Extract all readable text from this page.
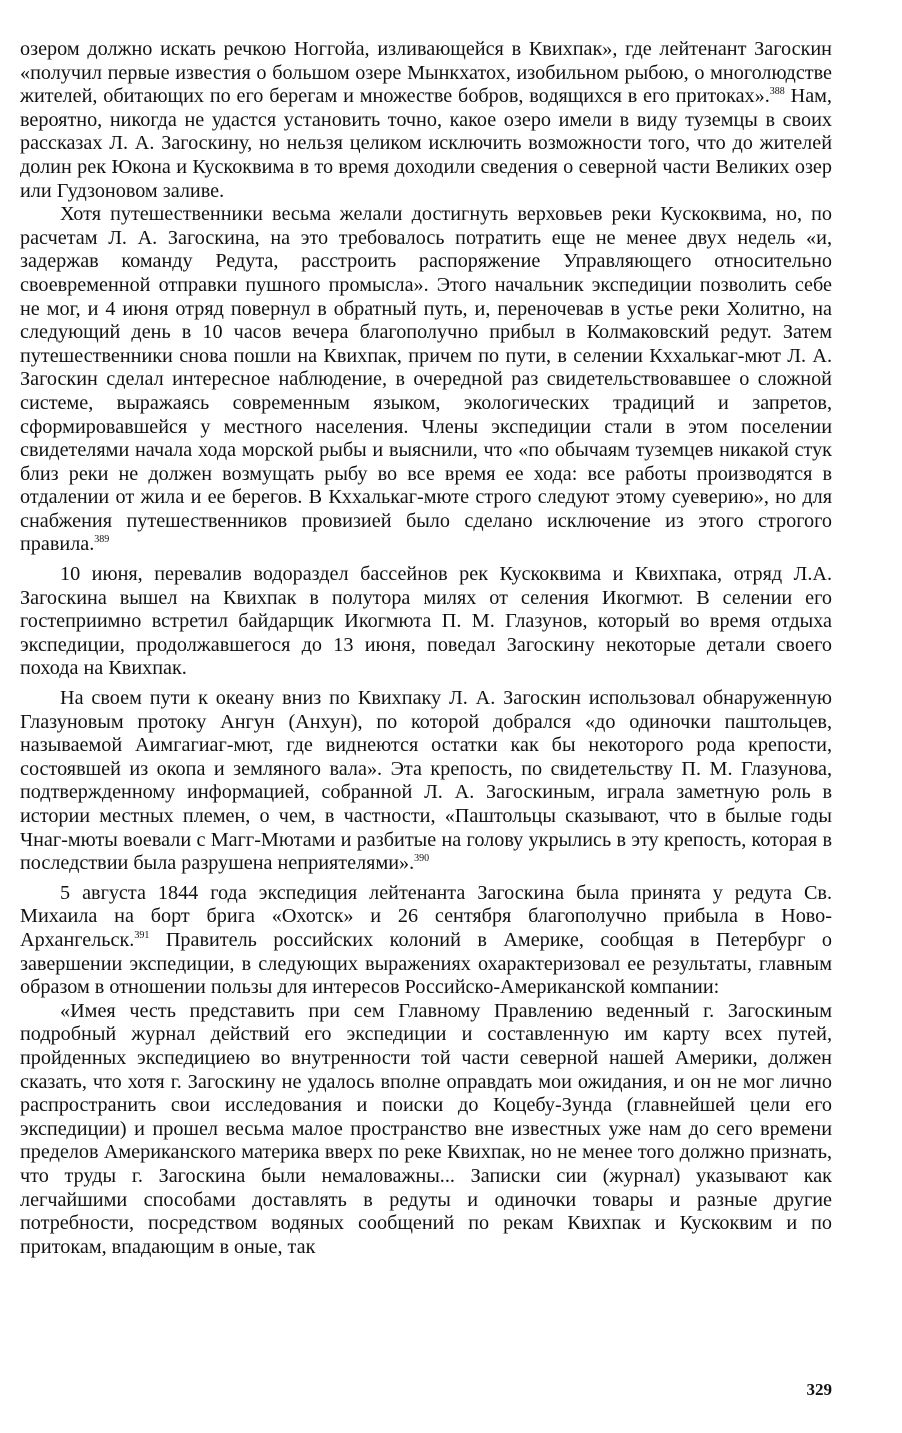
озером должно искать речкою Ноггойа, изливающейся в Квихпак», где лейтенант Загоскин «получил первые известия о большом озере Мынкхатох, изобильном рыбою, о многолюдстве жителей, обитающих по его берегам и множестве бобров, водящихся в его притоках».$^{388}$ Нам, вероятно, никогда не удастся установить точно, какое озеро имели в виду туземцы в своих рассказах Л. А. Загоскину, но нельзя целиком исключить возможности того, что до жителей долин рек Юкона и Кускоквима в то время доходили сведения о северной части Великих озер или Гудзоновом заливе.

Хотя путешественники весьма желали достигнуть верховьев реки Кускоквима, но, по расчетам Л. А. Загоскина, на это требовалось потратить еще не менее двух недель «и, задержав команду Редута, расстроить распоряжение Управляющего относительно своевременной отправки пушного промысла». Этого начальник экспедиции позволить себе не мог, и 4 июня отряд повернул в обратный путь, и, переночевав в устье реки Холитно, на следующий день в 10 часов вечера благополучно прибыл в Колмаковский редут. Затем путешественники снова пошли на Квихпак, причем по пути, в селении Кххалькаг-мют Л. А. Загоскин сделал интересное наблюдение, в очередной раз свидетельствовавшее о сложной системе, выражаясь современным языком, экологических традиций и запретов, сформировавшейся у местного населения. Члены экспедиции стали в этом поселении свидетелями начала хода морской рыбы и выяснили, что «по обычаям туземцев никакой стук близ реки не должен возмущать рыбу во все время ее хода: все работы производятся в отдалении от жила и ее берегов. В Кххалькаг-мюте строго следуют этому суеверию», но для снабжения путешественников провизией было сделано исключение из этого строгого правила.$^{389}$

10 июня, перевалив водораздел бассейнов рек Кускоквима и Квихпака, отряд Л.А. Загоскина вышел на Квихпак в полутора милях от селения Икогмют. В селении его гостеприимно встретил байдарщик Икогмюта П. М. Глазунов, который во время отдыха экспедиции, продолжавшегося до 13 июня, поведал Загоскину некоторые детали своего похода на Квихпак.

На своем пути к океану вниз по Квихпаку Л. А. Загоскин использовал обнаруженную Глазуновым протоку Ангун (Анхун), по которой добрался «до одиночки паштольцев, называемой Аимгагиаг-мют, где виднеются остатки как бы некоторого рода крепости, состоявшей из окопа и земляного вала». Эта крепость, по свидетельству П. М. Глазунова, подтвержденному информацией, собранной Л. А. Загоскиным, играла заметную роль в истории местных племен, о чем, в частности, «Паштольцы сказывают, что в былые годы Чнаг-мюты воевали с Магг-Мютами и разбитые на голову укрылись в эту крепость, которая в последствии была разрушена неприятелями».$^{390}$

5 августа 1844 года экспедиция лейтенанта Загоскина была принята у редута Св. Михаила на борт брига «Охотск» и 26 сентября благополучно прибыла в Ново-Архангельск.$^{391}$ Правитель российских колоний в Америке, сообщая в Петербург о завершении экспедиции, в следующих выражениях охарактеризовал ее результаты, главным образом в отношении пользы для интересов Российско-Американской компании:

«Имея честь представить при сем Главному Правлению веденный г. Загоскиным подробный журнал действий его экспедиции и составленную им карту всех путей, пройденных экспедициею во внутренности той части северной нашей Америки, должен сказать, что хотя г. Загоскину не удалось вполне оправдать мои ожидания, и он не мог лично распространить свои исследования и поиски до Коцебу-Зунда (главнейшей цели его экспедиции) и прошел весьма малое пространство вне известных уже нам до сего времени пределов Американского материка вверх по реке Квихпак, но не менее того должно признать, что труды г. Загоскина были немаловажны... Записки сии (журнал) указывают как легчайшими способами доставлять в редуты и одиночки товары и разные другие потребности, посредством водяных сообщений по рекам Квихпак и Кускоквим и по притокам, впадающим в оные, так

329
